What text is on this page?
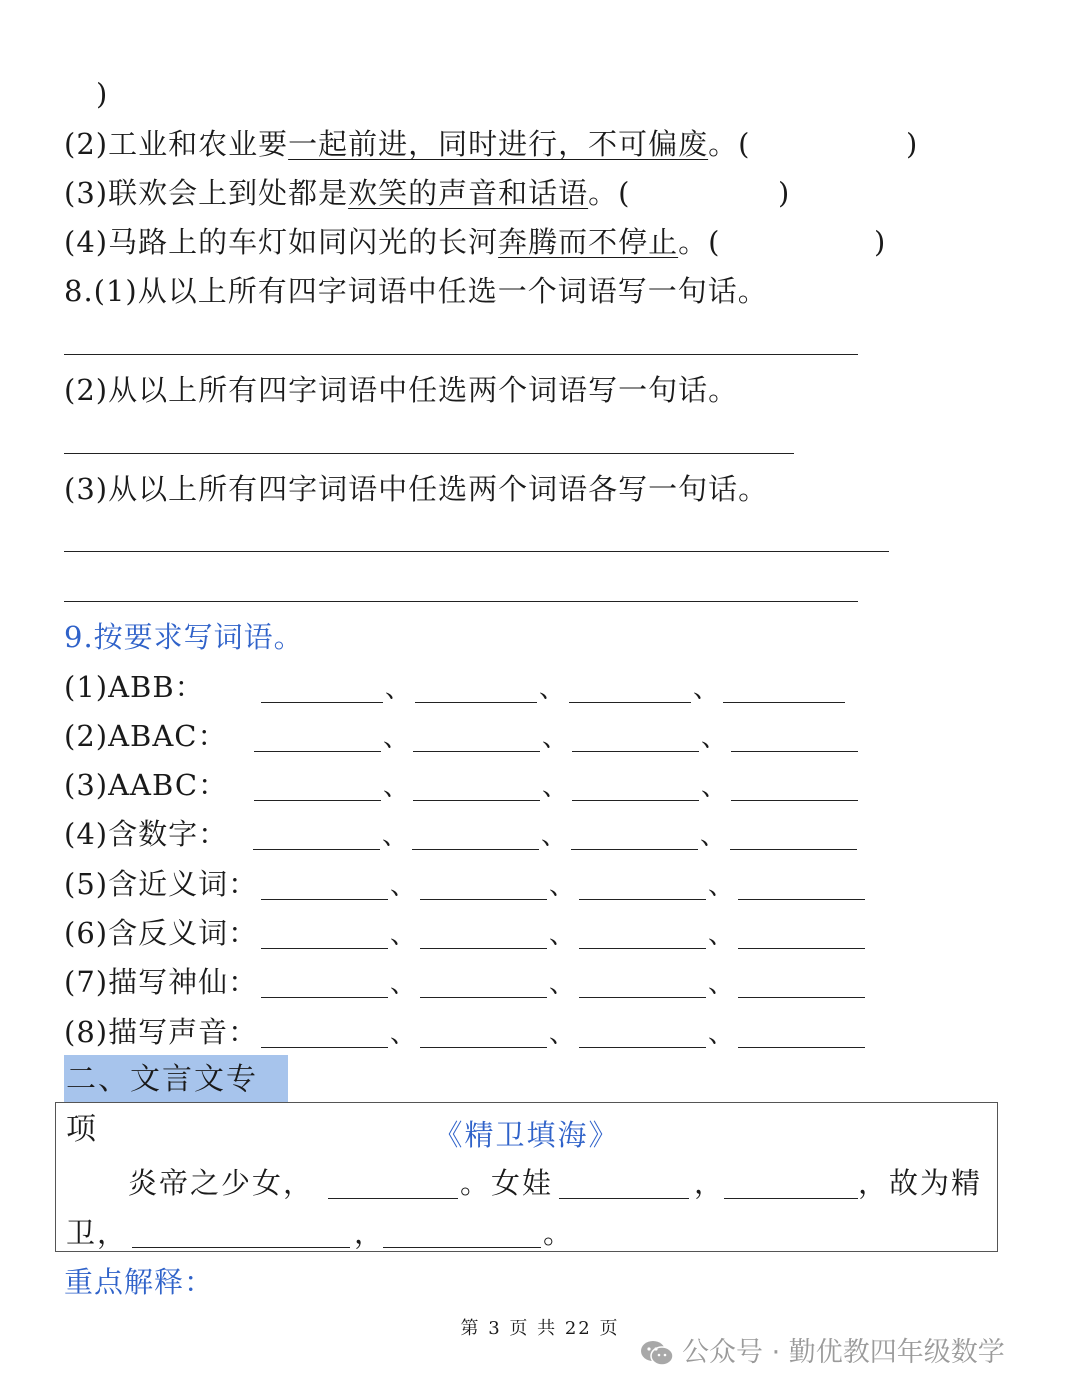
)
(2)工业和农业要一起前进，同时进行，不可偏废。(	)
(3)联欢会上到处都是欢笑的声音和话语。(	)
(4)马路上的车灯如同闪光的长河奔腾而不停止。(	)
8.(1)从以上所有四字词语中任选一个词语写一句话。
(2)从以上所有四字词语中任选两个词语写一句话。
(3)从以上所有四字词语中任选两个词语各写一句话。
9.按要求写词语。
(1)ABB：	、	、	、
(2)ABAC：	、	、	、
(3)AABC：	、	、	、
(4)含数字：	、	、	、
(5)含近义词：	、	、	、
(6)含反义词：	、	、	、
(7)描写神仙：	、	、	、
(8)描写声音：	、	、	、
二、文言文专项	《精卫填海》
炎帝之少女，	。女娃	，	，故为精
卫，	，	。
重点解释：
第 3 页 共 22 页
公众号 · 勤优教四年级数学
